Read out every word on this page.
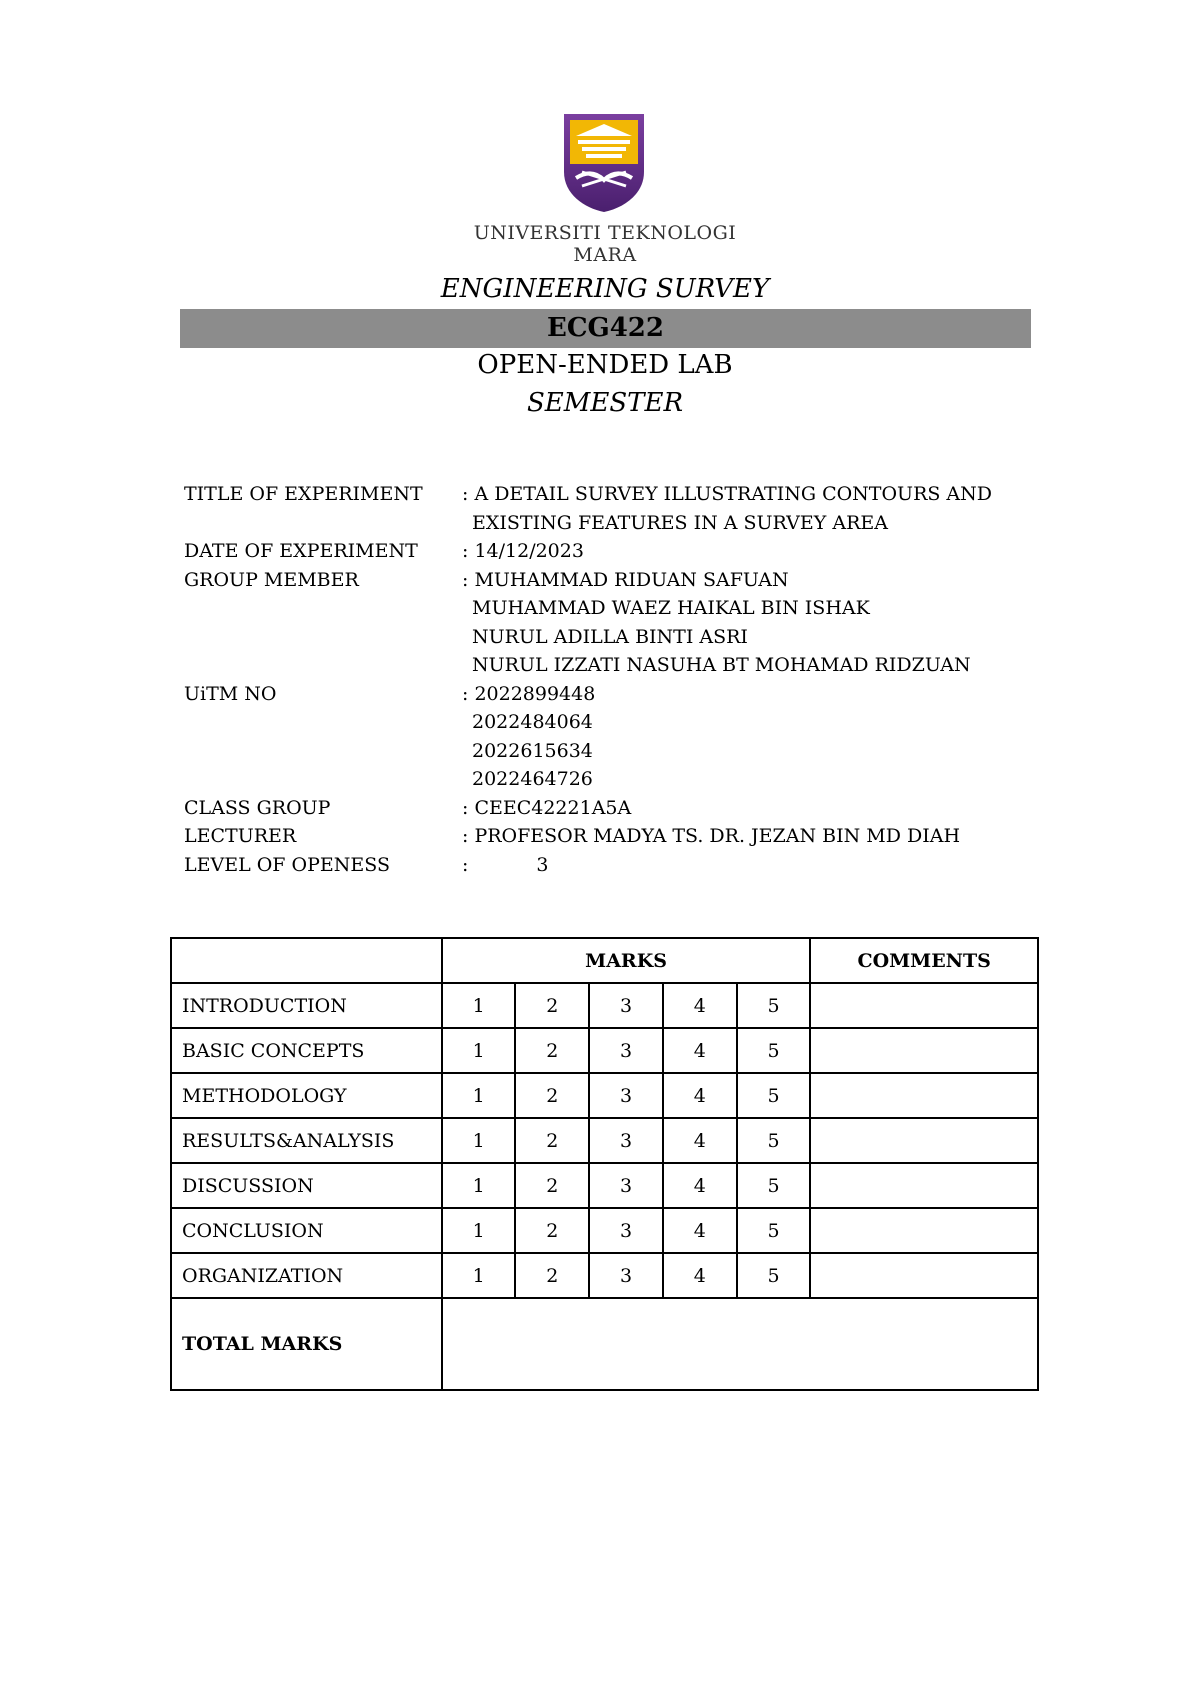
UNIVERSITI TEKNOLOGI MARA
ENGINEERING SURVEY
ECG422
OPEN-ENDED LAB
SEMESTER
TITLE OF EXPERIMENT	: A DETAIL SURVEY ILLUSTRATING CONTOURS AND
EXISTING FEATURES IN A SURVEY AREA
DATE OF EXPERIMENT	: 14/12/2023
GROUP MEMBER	: MUHAMMAD RIDUAN SAFUAN
MUHAMMAD WAEZ HAIKAL BIN ISHAK
NURUL ADILLA BINTI ASRI
NURUL IZZATI NASUHA BT MOHAMAD RIDZUAN
UiTM NO	: 2022899448
2022484064
2022615634
2022464726
CLASS GROUP	: CEEC42221A5A
LECTURER	: PROFESOR MADYA TS. DR. JEZAN BIN MD DIAH
LEVEL OF OPENESS	:	3
	MARKS					COMMENTS
INTRODUCTION	1	2	3	4	5	
BASIC CONCEPTS	1	2	3	4	5	
METHODOLOGY	1	2	3	4	5	
RESULTS&ANALYSIS	1	2	3	4	5	
DISCUSSION	1	2	3	4	5	
CONCLUSION	1	2	3	4	5	
ORGANIZATION	1	2	3	4	5	
TOTAL MARKS						
